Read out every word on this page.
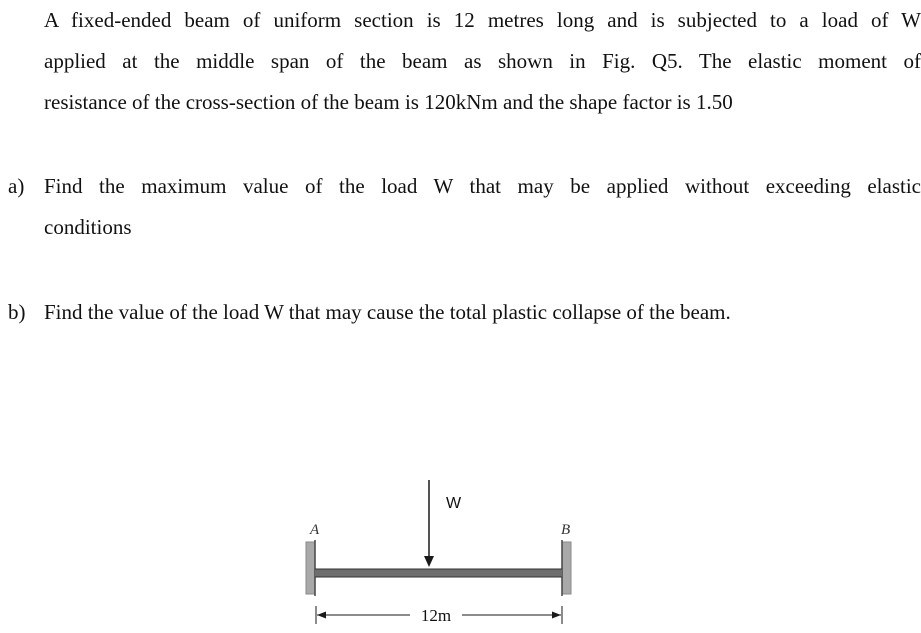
A fixed-ended beam of uniform section is 12 metres long and is subjected to a load of W
applied at the middle span of the beam as shown in Fig. Q5. The elastic moment of
resistance of the cross-section of the beam is 120kNm and the shape factor is 1.50
a) Find the maximum value of the load W that may be applied without exceeding elastic
conditions
b) Find the value of the load W that may cause the total plastic collapse of the beam.
W
A	B
12m
